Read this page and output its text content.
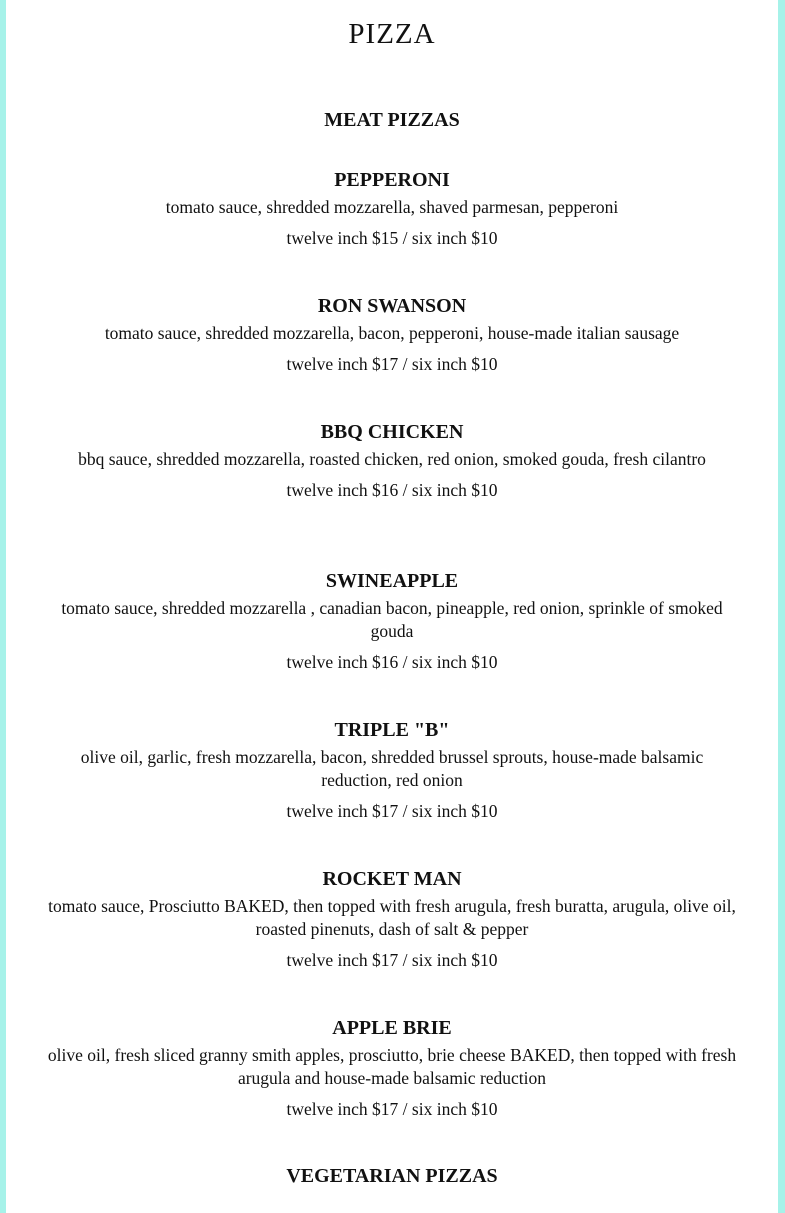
PIZZA
MEAT PIZZAS
PEPPERONI
tomato sauce, shredded mozzarella, shaved parmesan, pepperoni
twelve inch $15 / six inch $10
RON SWANSON
tomato sauce, shredded mozzarella, bacon, pepperoni, house-made italian sausage
twelve inch $17 / six inch $10
BBQ CHICKEN
bbq sauce, shredded mozzarella, roasted chicken, red onion, smoked gouda, fresh cilantro
twelve inch $16 / six inch $10
SWINEAPPLE
tomato sauce, shredded mozzarella , canadian bacon, pineapple, red onion, sprinkle of smoked gouda
twelve inch $16 / six inch $10
TRIPLE "B"
olive oil, garlic, fresh mozzarella, bacon, shredded brussel sprouts, house-made balsamic reduction, red onion
twelve inch $17 / six inch $10
ROCKET MAN
tomato sauce, Prosciutto BAKED, then topped with fresh arugula, fresh buratta, arugula, olive oil, roasted pinenuts, dash of salt & pepper
twelve inch $17 / six inch $10
APPLE BRIE
olive oil, fresh sliced granny smith apples, prosciutto, brie cheese BAKED, then topped with fresh arugula and house-made balsamic reduction
twelve inch $17 / six inch $10
VEGETARIAN PIZZAS
